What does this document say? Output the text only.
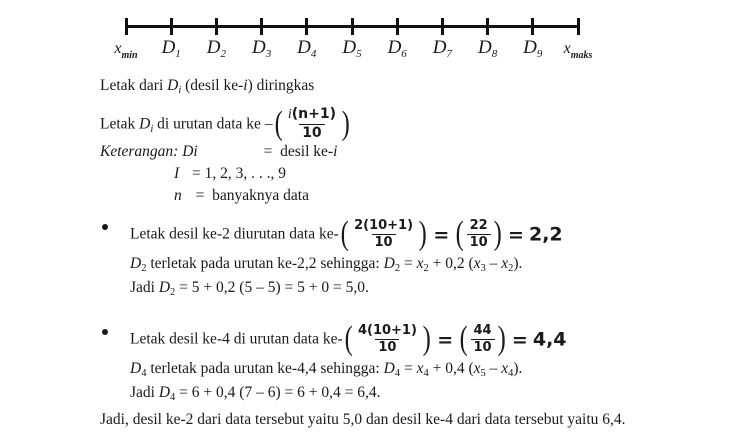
$x_{min}$ $D_1$ $D_2$ $D_3$ $D_4$ $D_5$ $D_6$ $D_7$ $D_8$ $D_9$ $x_{maks}$
Letak dari Di (desil ke-i) diringkas
Letak Di di urutan data ke – ( $\frac{i(n+1)}{10}$ )
Keterangan: Di	= desil ke-i
I = 1, 2, 3, . . ., 9
n = banyaknya data
Letak desil ke-2 diurutan data ke- ( $\frac{2(10+1)}{10}$ ) = ( $\frac{22}{10}$ ) = 2,2
D2 terletak pada urutan ke-2,2 sehingga: D2 = x2 + 0,2 (x3 – x2).
Jadi D2 = 5 + 0,2 (5 – 5) = 5 + 0 = 5,0.
Letak desil ke-4 di urutan data ke- ( $\frac{4(10+1)}{10}$ ) = ( $\frac{44}{10}$ ) = 4,4
D4 terletak pada urutan ke-4,4 sehingga: D4 = x4 + 0,4 (x5 – x4).
Jadi D4 = 6 + 0,4 (7 – 6) = 6 + 0,4 = 6,4.
Jadi, desil ke-2 dari data tersebut yaitu 5,0 dan desil ke-4 dari data tersebut yaitu 6,4.
